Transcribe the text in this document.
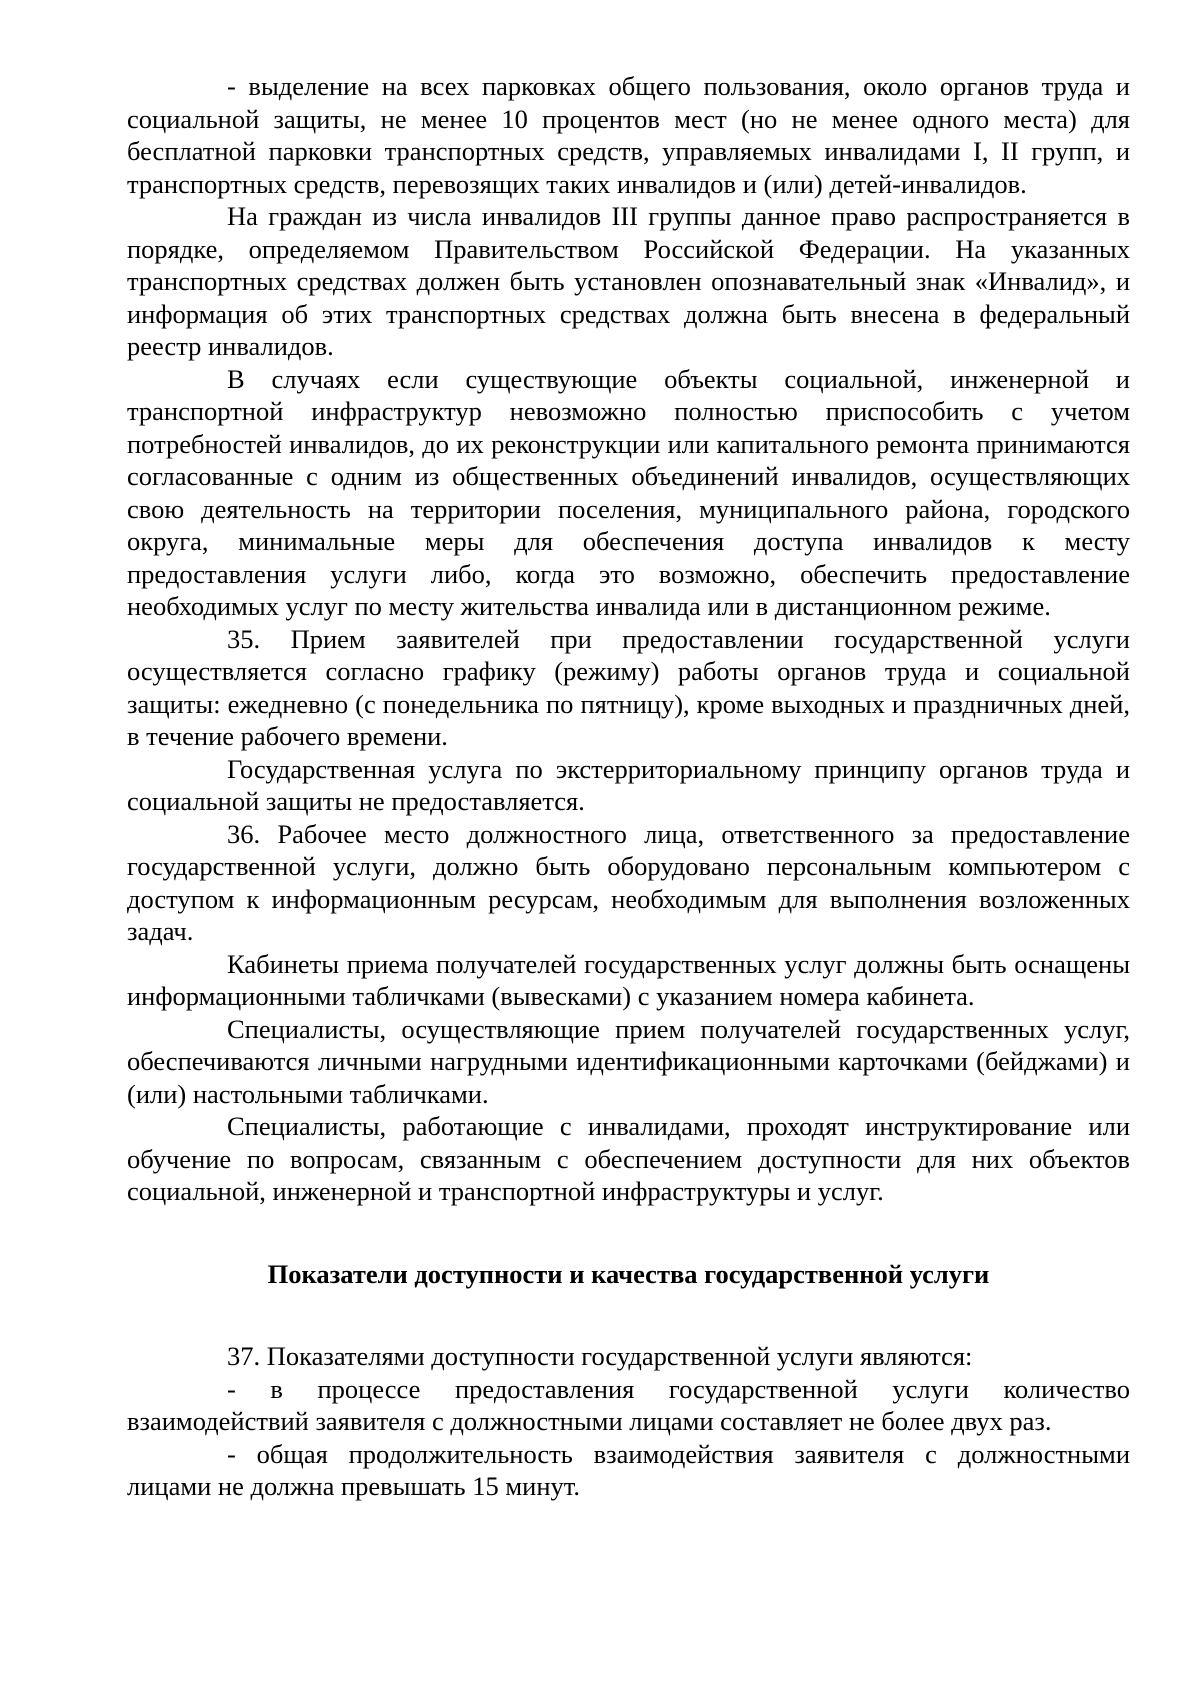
- выделение на всех парковках общего пользования, около органов труда и социальной защиты, не менее 10 процентов мест (но не менее одного места) для бесплатной парковки транспортных средств, управляемых инвалидами I, II групп, и транспортных средств, перевозящих таких инвалидов и (или) детей-инвалидов.

На граждан из числа инвалидов III группы данное право распространяется в порядке, определяемом Правительством Российской Федерации. На указанных транспортных средствах должен быть установлен опознавательный знак «Инвалид», и информация об этих транспортных средствах должна быть внесена в федеральный реестр инвалидов.

В случаях если существующие объекты социальной, инженерной и транспортной инфраструктур невозможно полностью приспособить с учетом потребностей инвалидов, до их реконструкции или капитального ремонта принимаются согласованные с одним из общественных объединений инвалидов, осуществляющих свою деятельность на территории поселения, муниципального района, городского округа, минимальные меры для обеспечения доступа инвалидов к месту предоставления услуги либо, когда это возможно, обеспечить предоставление необходимых услуг по месту жительства инвалида или в дистанционном режиме.

35. Прием заявителей при предоставлении государственной услуги осуществляется согласно графику (режиму) работы органов труда и социальной защиты: ежедневно (с понедельника по пятницу), кроме выходных и праздничных дней, в течение рабочего времени.

Государственная услуга по экстерриториальному принципу органов труда и социальной защиты не предоставляется.

36. Рабочее место должностного лица, ответственного за предоставление государственной услуги, должно быть оборудовано персональным компьютером с доступом к информационным ресурсам, необходимым для выполнения возложенных задач.

Кабинеты приема получателей государственных услуг должны быть оснащены информационными табличками (вывесками) с указанием номера кабинета.

Специалисты, осуществляющие прием получателей государственных услуг, обеспечиваются личными нагрудными идентификационными карточками (бейджами) и (или) настольными табличками.

Специалисты, работающие с инвалидами, проходят инструктирование или обучение по вопросам, связанным с обеспечением доступности для них объектов социальной, инженерной и транспортной инфраструктуры и услуг.

Показатели доступности и качества государственной услуги

37. Показателями доступности государственной услуги являются:

- в процессе предоставления государственной услуги количество взаимодействий заявителя с должностными лицами составляет не более двух раз.

- общая продолжительность взаимодействия заявителя с должностными лицами не должна превышать 15 минут.
